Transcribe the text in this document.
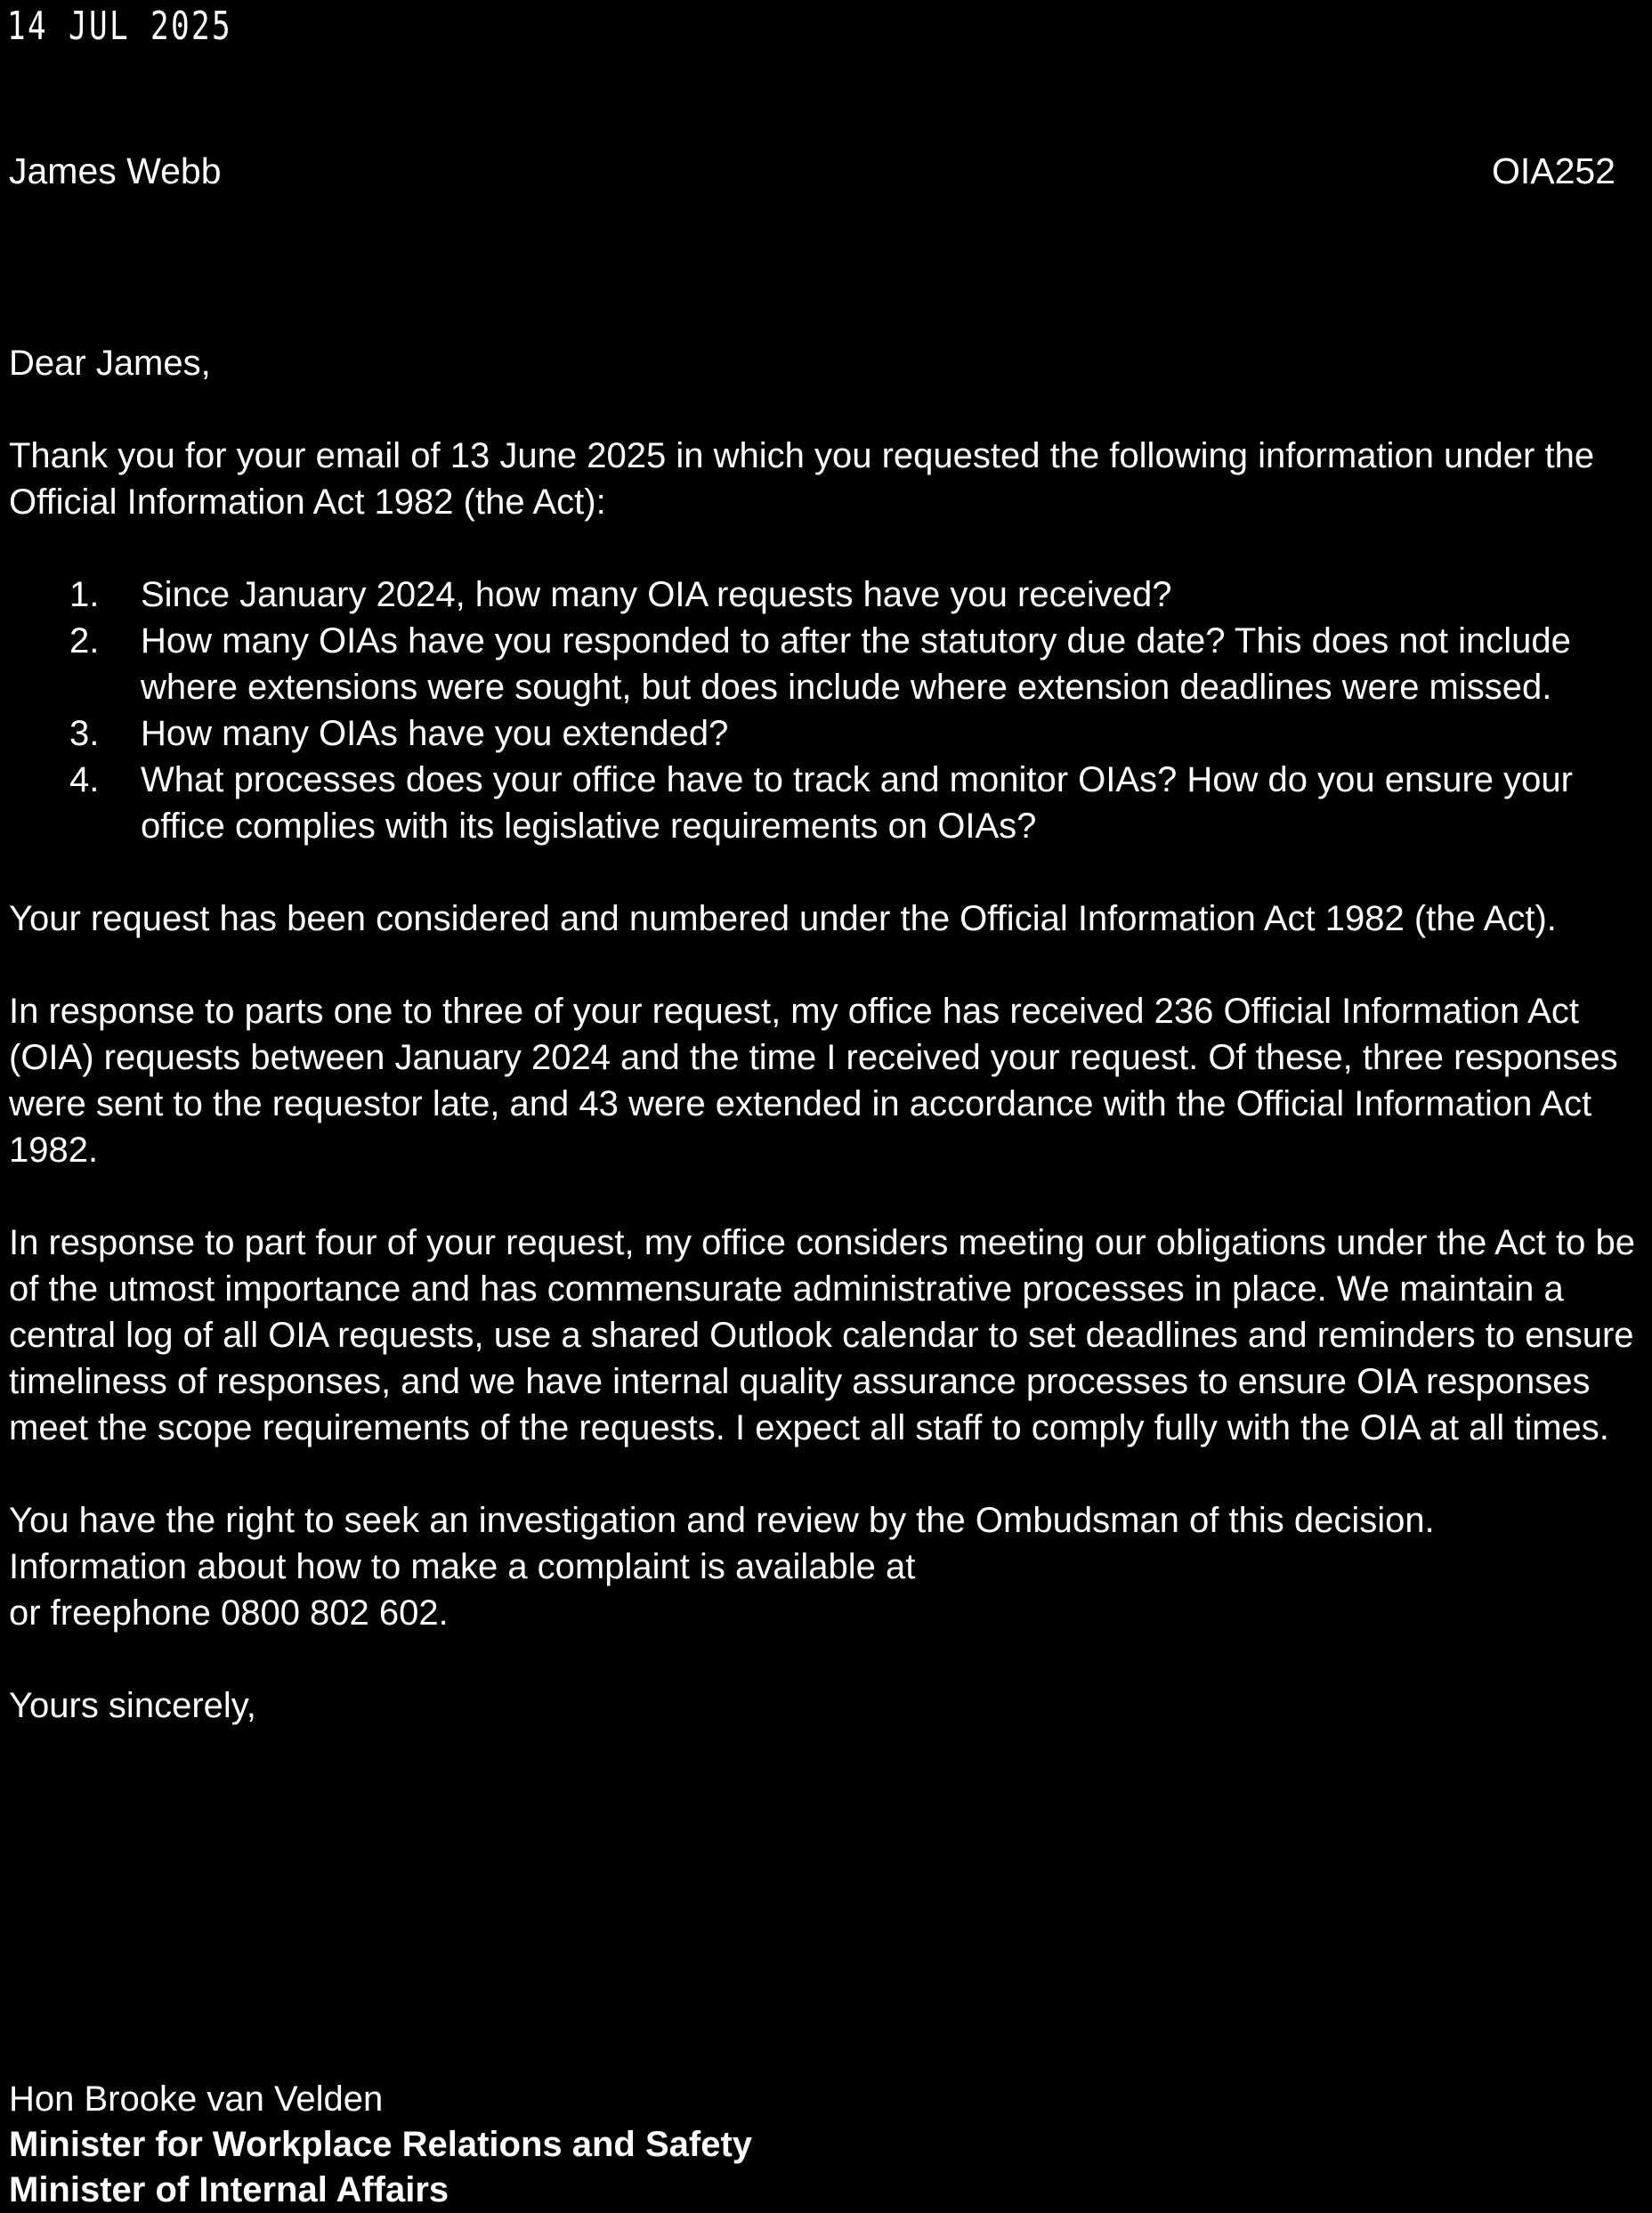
14 JUL 2025
James Webb	OIA252

Dear James,

Thank you for your email of 13 June 2025 in which you requested the following information under the Official Information Act 1982 (the Act):

1. Since January 2024, how many OIA requests have you received?
2. How many OIAs have you responded to after the statutory due date? This does not include where extensions were sought, but does include where extension deadlines were missed.
3. How many OIAs have you extended?
4. What processes does your office have to track and monitor OIAs? How do you ensure your office complies with its legislative requirements on OIAs?

Your request has been considered and numbered under the Official Information Act 1982 (the Act).

In response to parts one to three of your request, my office has received 236 Official Information Act (OIA) requests between January 2024 and the time I received your request. Of these, three responses were sent to the requestor late, and 43 were extended in accordance with the Official Information Act 1982.

In response to part four of your request, my office considers meeting our obligations under the Act to be of the utmost importance and has commensurate administrative processes in place. We maintain a central log of all OIA requests, use a shared Outlook calendar to set deadlines and reminders to ensure timeliness of responses, and we have internal quality assurance processes to ensure OIA responses meet the scope requirements of the requests. I expect all staff to comply fully with the OIA at all times.

You have the right to seek an investigation and review by the Ombudsman of this decision.
Information about how to make a complaint is available at
or freephone 0800 802 602.

Yours sincerely,

Hon Brooke van Velden
Minister for Workplace Relations and Safety
Minister of Internal Affairs
